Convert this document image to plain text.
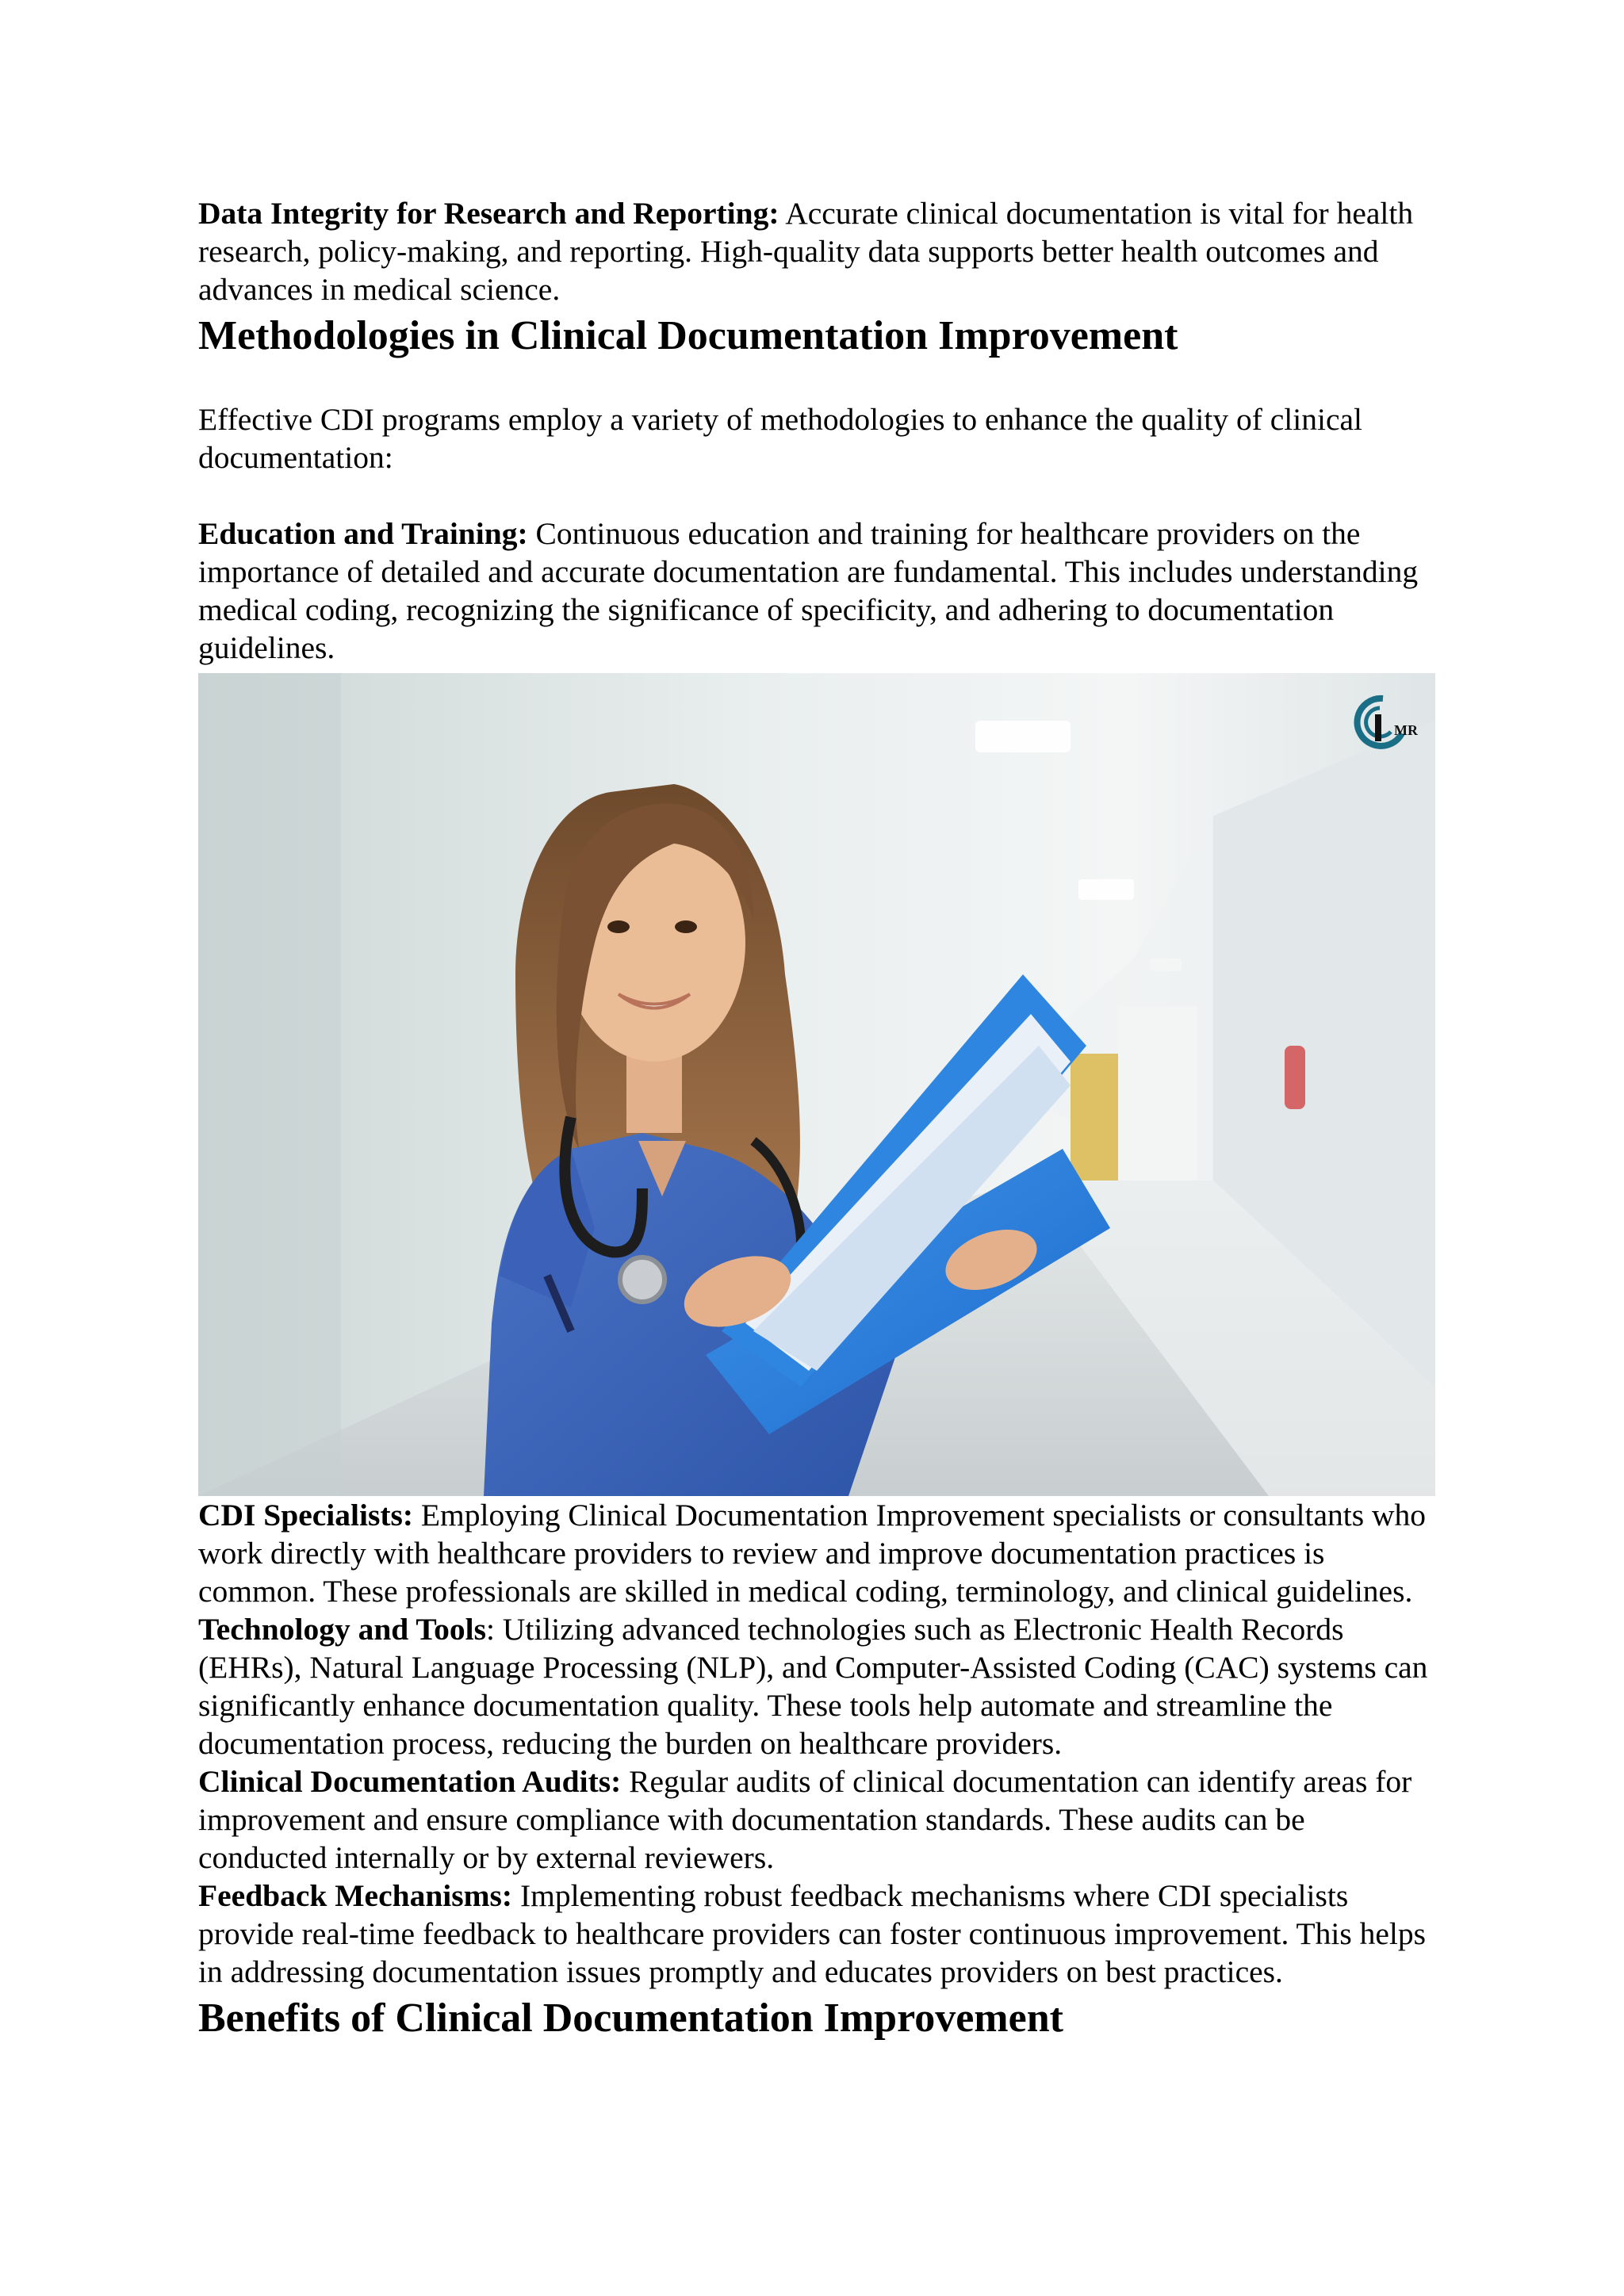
Data Integrity for Research and Reporting: Accurate clinical documentation is vital for health research, policy-making, and reporting. High-quality data supports better health outcomes and advances in medical science.

Methodologies in Clinical Documentation Improvement

Effective CDI programs employ a variety of methodologies to enhance the quality of clinical documentation:

Education and Training: Continuous education and training for healthcare providers on the importance of detailed and accurate documentation are fundamental. This includes understanding medical coding, recognizing the significance of specificity, and adhering to documentation guidelines.

MR

CDI Specialists: Employing Clinical Documentation Improvement specialists or consultants who work directly with healthcare providers to review and improve documentation practices is common. These professionals are skilled in medical coding, terminology, and clinical guidelines.

Technology and Tools: Utilizing advanced technologies such as Electronic Health Records (EHRs), Natural Language Processing (NLP), and Computer-Assisted Coding (CAC) systems can significantly enhance documentation quality. These tools help automate and streamline the documentation process, reducing the burden on healthcare providers.

Clinical Documentation Audits: Regular audits of clinical documentation can identify areas for improvement and ensure compliance with documentation standards. These audits can be conducted internally or by external reviewers.

Feedback Mechanisms: Implementing robust feedback mechanisms where CDI specialists provide real-time feedback to healthcare providers can foster continuous improvement. This helps in addressing documentation issues promptly and educates providers on best practices.

Benefits of Clinical Documentation Improvement
